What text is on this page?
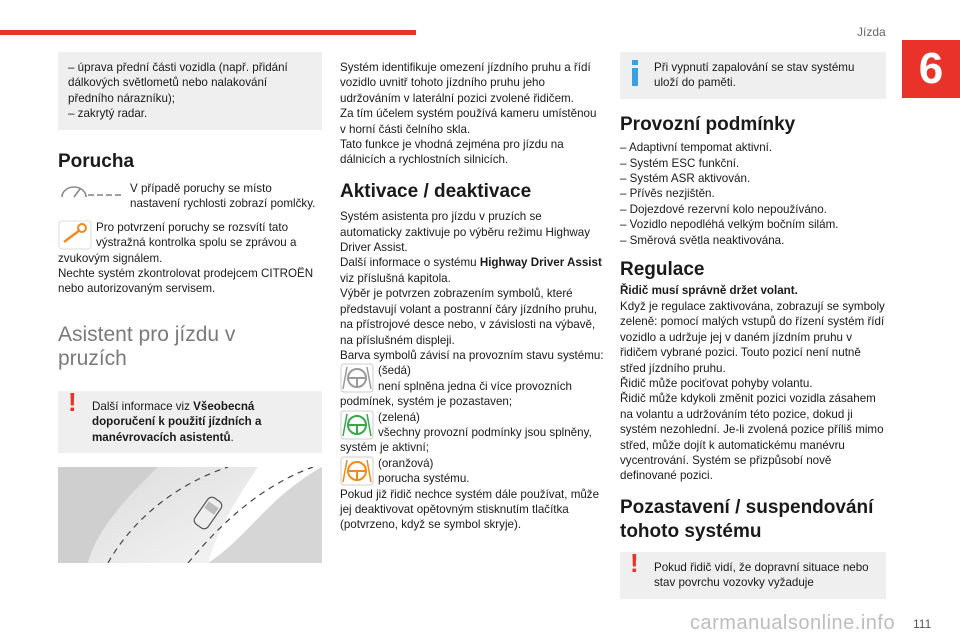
Jízda
6

– úprava přední části vozidla (např. přidání dálkových světlometů nebo nalakování předního nárazníku);
– zakrytý radar.

Porucha

V případě poruchy se místo nastavení rychlosti zobrazí pomlčky.

Pro potvrzení poruchy se rozsvítí tato výstražná kontrolka spolu se zprávou a zvukovým signálem.
Nechte systém zkontrolovat prodejcem CITROËN nebo autorizovaným servisem.

Asistent pro jízdu v pruzích
! Další informace viz Všeobecná doporučení k použití jízdních a manévrovacích asistentů.

Systém identifikuje omezení jízdního pruhu a řídí vozidlo uvnitř tohoto jízdního pruhu jeho udržováním v laterální pozici zvolené řidičem.
Za tím účelem systém používá kameru umístěnou v horní části čelního skla.
Tato funkce je vhodná zejména pro jízdu na dálnicích a rychlostních silnicích.

Aktivace / deaktivace

Systém asistenta pro jízdu v pruzích se automaticky zaktivuje po výběru režimu Highway Driver Assist.

Další informace o systému Highway Driver Assist viz příslušná kapitola.

Výběr je potvrzen zobrazením symbolů, které představují volant a postranní čáry jízdního pruhu, na přístrojové desce nebo, v závislosti na výbavě, na příslušném displeji.

Barva symbolů závisí na provozním stavu systému:

(šedá)

není splněna jedna či více provozních podmínek, systém je pozastaven;

(zelená)

všechny provozní podmínky jsou splněny, systém je aktivní;

(oranžová)

porucha systému.

Pokud již řidič nechce systém dále používat, může jej deaktivovat opětovným stisknutím tlačítka (potvrzeno, když se symbol skryje).

Při vypnutí zapalování se stav systému uloží do paměti.

Provozní podmínky

– Adaptivní tempomat aktivní.

– Systém ESC funkční.

– Systém ASR aktivován.

– Přívěs nezjištěn.

– Dojezdové rezervní kolo nepoužíváno.

– Vozidlo nepodléhá velkým bočním silám.

– Směrová světla neaktivována.

Regulace

Řidič musí správně držet volant.

Když je regulace zaktivována, zobrazují se symboly zeleně: pomocí malých vstupů do řízení systém řídí vozidlo a udržuje jej v daném jízdním pruhu v řidičem vybrané pozici. Touto pozicí není nutně střed jízdního pruhu.
Řidič může pociťovat pohyby volantu.
Řidič může kdykoli změnit pozici vozidla zásahem na volantu a udržováním této pozice, dokud ji systém nezohlední. Je-li zvolená pozice příliš mimo střed, může dojít k automatickému manévru vycentrování. Systém se přizpůsobí nově definované pozici.

Pozastavení / suspendování tohoto systému
! Pokud řidič vidí, že dopravní situace nebo stav povrchu vozovky vyžaduje

carmanualsonline.info 111
